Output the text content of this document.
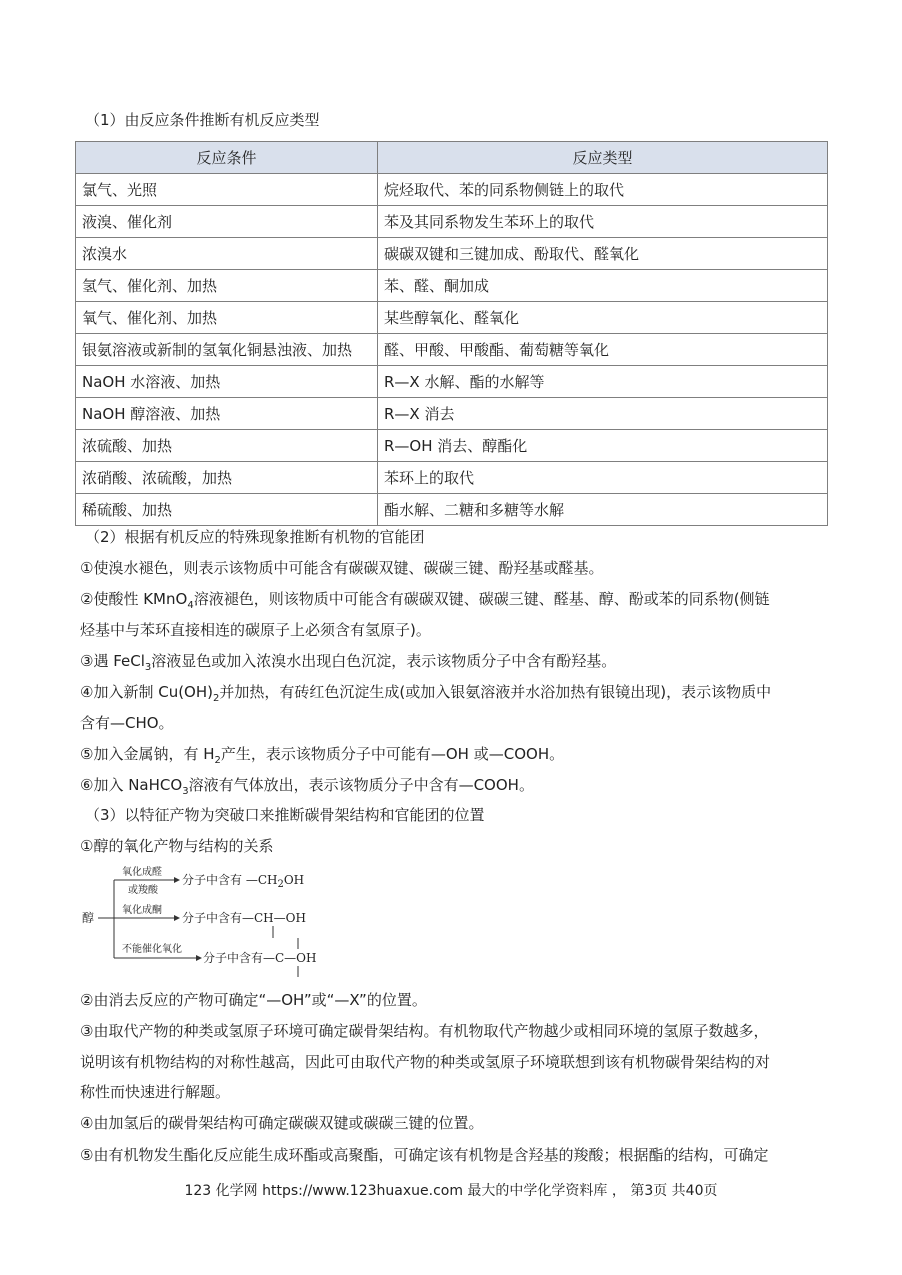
（1）由反应条件推断有机反应类型
反应条件	反应类型
氯气、光照	烷烃取代、苯的同系物侧链上的取代
液溴、催化剂	苯及其同系物发生苯环上的取代
浓溴水	碳碳双键和三键加成、酚取代、醛氧化
氢气、催化剂、加热	苯、醛、酮加成
氧气、催化剂、加热	某些醇氧化、醛氧化
银氨溶液或新制的氢氧化铜悬浊液、加热	醛、甲酸、甲酸酯、葡萄糖等氧化
NaOH 水溶液、加热	R—X 水解、酯的水解等
NaOH 醇溶液、加热	R—X 消去
浓硫酸、加热	R—OH 消去、醇酯化
浓硝酸、浓硫酸，加热	苯环上的取代
稀硫酸、加热	酯水解、二糖和多糖等水解
（2）根据有机反应的特殊现象推断有机物的官能团
①使溴水褪色，则表示该物质中可能含有碳碳双键、碳碳三键、酚羟基或醛基。
②使酸性 KMnO$_4$溶液褪色，则该物质中可能含有碳碳双键、碳碳三键、醛基、醇、酚或苯的同系物(侧链
烃基中与苯环直接相连的碳原子上必须含有氢原子)。
③遇 FeCl$_3$溶液显色或加入浓溴水出现白色沉淀，表示该物质分子中含有酚羟基。
④加入新制 $Cu(OH)_2$并加热，有砖红色沉淀生成(或加入银氨溶液并水浴加热有银镜出现)，表示该物质中
含有—CHO。
⑤加入金属钠，有 $H_2$产生，表示该物质分子中可能有—OH 或—COOH。
⑥加入 NaHCO$_3$溶液有气体放出，表示该物质分子中含有—COOH。
（3）以特征产物为突破口来推断碳骨架结构和官能团的位置
①醇的氧化产物与结构的关系
醇
氧化成醛
或羧酸
分子中含有 $—CH_2OH$
氧化成酮
分子中含有—CH—OH
不能催化氧化
分子中含有—C—OH
②由消去反应的产物可确定“—OH”或“—X”的位置。
③由取代产物的种类或氢原子环境可确定碳骨架结构。有机物取代产物越少或相同环境的氢原子数越多，
说明该有机物结构的对称性越高，因此可由取代产物的种类或氢原子环境联想到该有机物碳骨架结构的对
称性而快速进行解题。
④由加氢后的碳骨架结构可确定碳碳双键或碳碳三键的位置。
⑤由有机物发生酯化反应能生成环酯或高聚酯，可确定该有机物是含羟基的羧酸；根据酯的结构，可确定
123 化学网 https://www.123huaxue.com 最大的中学化学资料库 ， 第3页 共40页
